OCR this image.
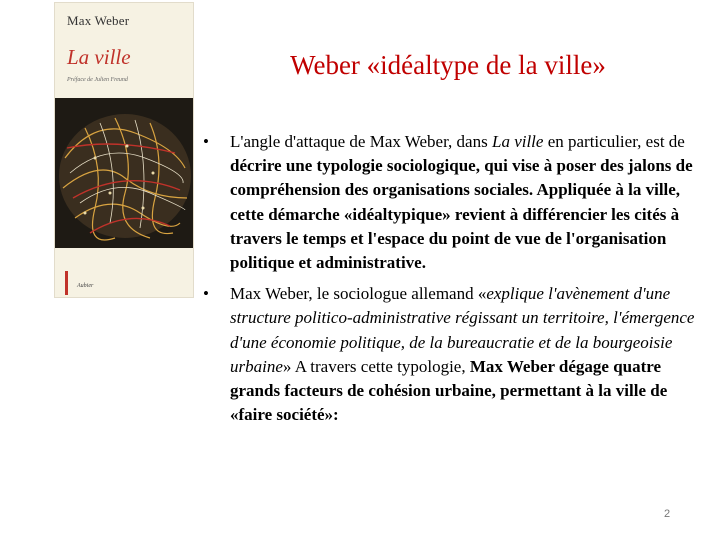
Max Weber
La ville
Préface de Julien Freund
Aubier
Weber «idéaltype de la ville»
• L'angle d'attaque de Max Weber, dans La ville en particulier, est de décrire une typologie sociologique, qui vise à poser des jalons de compréhension des organisations sociales. Appliquée à la ville, cette démarche «idéaltypique» revient à différencier les cités à travers le temps et l'espace du point de vue de l'organisation politique et administrative.
• Max Weber, le sociologue allemand «explique l'avènement d'une structure politico-administrative régissant un territoire, l'émergence d'une économie politique, de la bureaucratie et de la bourgeoisie urbaine» A travers cette typologie, Max Weber dégage quatre grands facteurs de cohésion urbaine, permettant à la ville de «faire société»:
2
